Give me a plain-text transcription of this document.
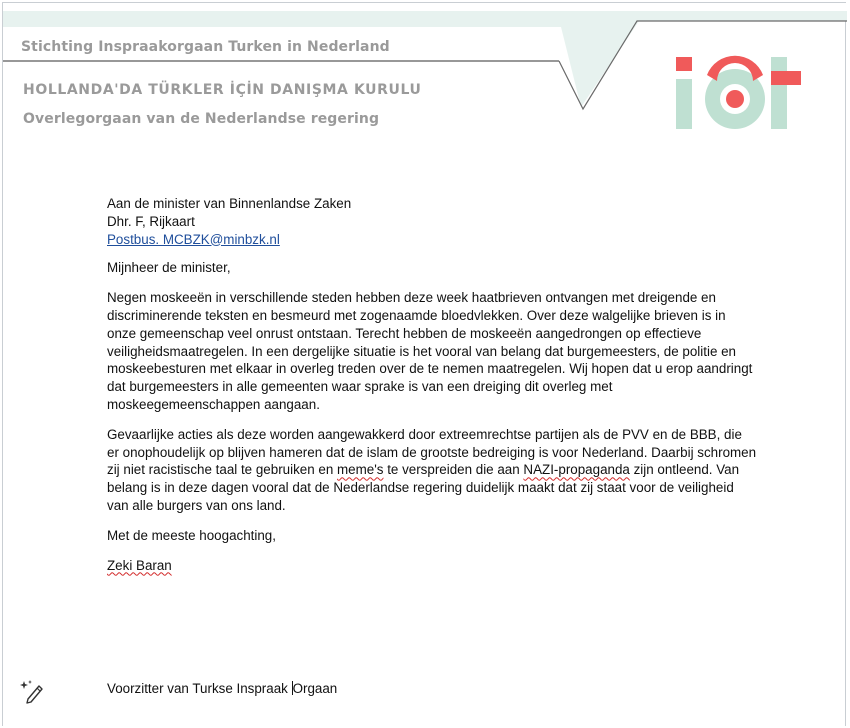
Stichting Inspraakorgaan Turken in Nederland
HOLLANDA'DA TÜRKLER İÇİN DANIŞMA KURULU
Overlegorgaan van de Nederlandse regering
Aan de minister van Binnenlandse Zaken
Dhr. F, Rijkaart
Postbus. MCBZK@minbzk.nl

Mijnheer de minister,

Negen moskeeën in verschillende steden hebben deze week haatbrieven ontvangen met dreigende en discriminerende teksten en besmeurd met zogenaamde bloedvlekken. Over deze walgelijke brieven is in onze gemeenschap veel onrust ontstaan. Terecht hebben de moskeeën aangedrongen op effectieve veiligheidsmaatregelen. In een dergelijke situatie is het vooral van belang dat burgemeesters, de politie en moskeebesturen met elkaar in overleg treden over de te nemen maatregelen. Wij hopen dat u erop aandringt dat burgemeesters in alle gemeenten waar sprake is van een dreiging dit overleg met moskeegemeenschappen aangaan.

Gevaarlijke acties als deze worden aangewakkerd door extreemrechtse partijen als de PVV en de BBB, die er onophoudelijk op blijven hameren dat de islam de grootste bedreiging is voor Nederland. Daarbij schromen zij niet racistische taal te gebruiken en meme's te verspreiden die aan NAZI-propaganda zijn ontleend. Van belang is in deze dagen vooral dat de Nederlandse regering duidelijk maakt dat zij staat voor de veiligheid van alle burgers van ons land.

Met de meeste hoogachting,

Zeki Baran

Voorzitter van Turkse Inspraak Orgaan
